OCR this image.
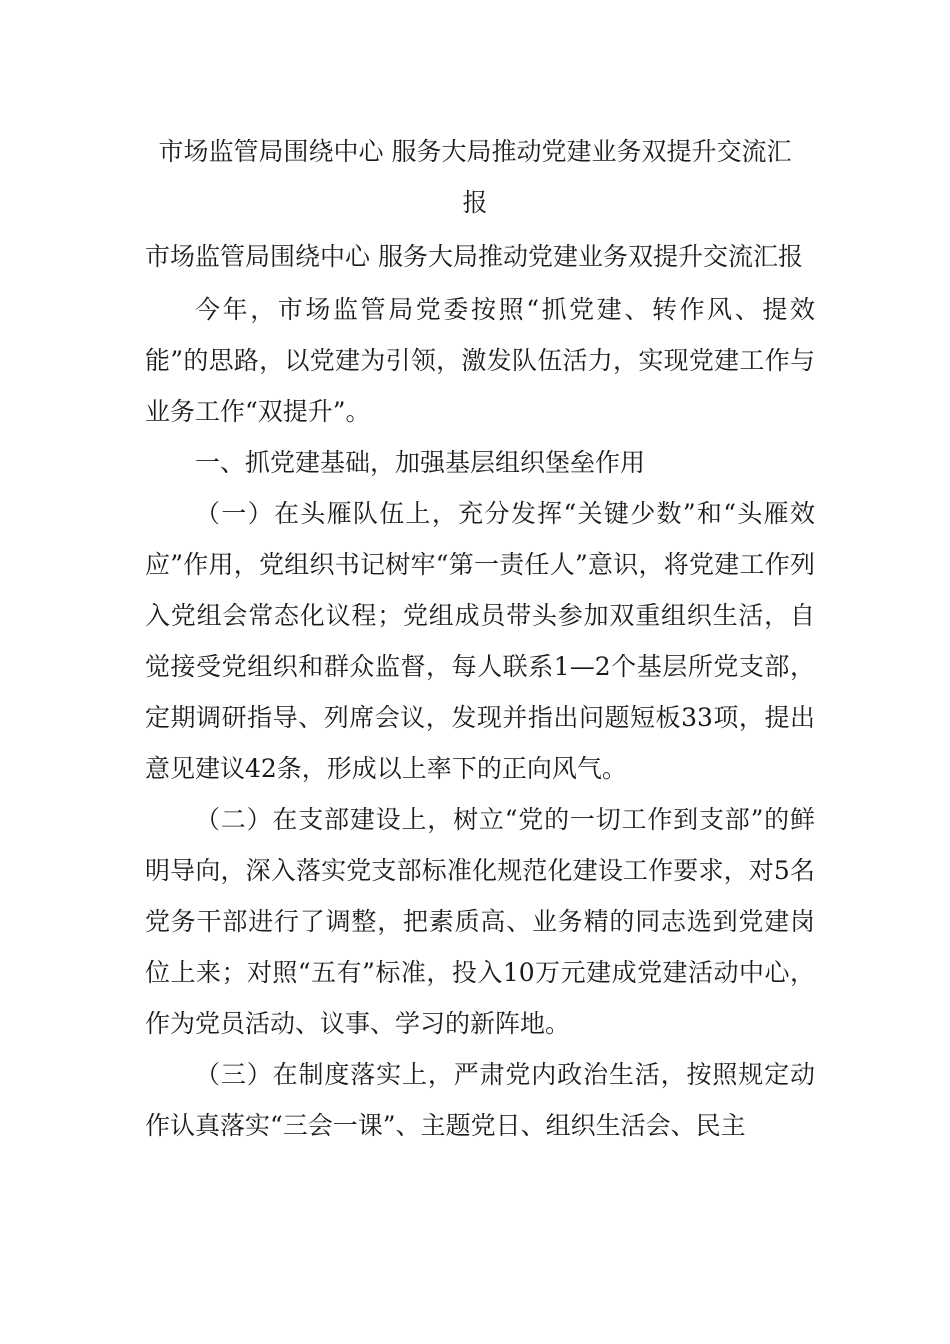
市场监管局围绕中心 服务大局推动党建业务双提升交流汇
报

市场监管局围绕中心 服务大局推动党建业务双提升交流汇报

今年，市场监管局党委按照“抓党建、转作风、提效能”的思路，以党建为引领，激发队伍活力，实现党建工作与业务工作“双提升”。

一、抓党建基础，加强基层组织堡垒作用

（一）在头雁队伍上，充分发挥“关键少数”和“头雁效应”作用，党组织书记树牢“第一责任人”意识，将党建工作列入党组会常态化议程；党组成员带头参加双重组织生活，自觉接受党组织和群众监督，每人联系1—2个基层所党支部，定期调研指导、列席会议，发现并指出问题短板33项，提出意见建议42条，形成以上率下的正向风气。

（二）在支部建设上，树立“党的一切工作到支部”的鲜明导向，深入落实党支部标准化规范化建设工作要求，对5名党务干部进行了调整，把素质高、业务精的同志选到党建岗位上来；对照“五有”标准，投入10万元建成党建活动中心，作为党员活动、议事、学习的新阵地。

（三）在制度落实上，严肃党内政治生活，按照规定动作认真落实“三会一课”、主题党日、组织生活会、民主
